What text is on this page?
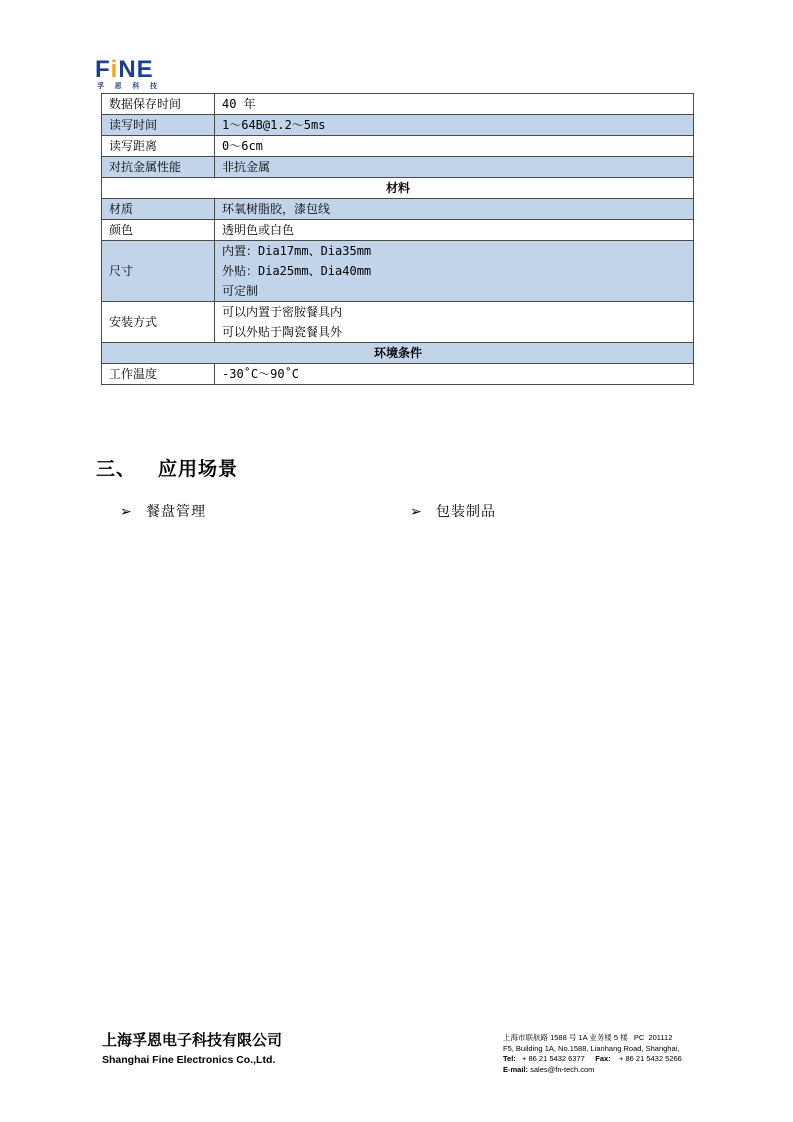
FiNE
孚 恩 科 技
数据保存时间	40 年

读写时间	1～64B@1.2～5ms

读写距离	0～6cm

对抗金属性能	非抗金属

材料	
材质	环氧树脂胶，漆包线

颜色	透明色或白色

尺寸	内置：Dia17mm、Dia35mm
外贴：Dia25mm、Dia40mm
可定制

安装方式	可以内置于密胺餐具内
可以外贴于陶瓷餐具外

环境条件	
工作温度	-30˚C～90˚C
三、 应用场景
➢ 餐盘管理	➢ 包装制品
上海孚恩电子科技有限公司
Shanghai Fine Electronics Co.,Ltd.
上海市联航路 1588 号 1A 业务楼 5 楼   PC  201112
F5, Building 1A, No.1588, Lianhang Road, Shanghai,
Tel: + 86 21 5432 6377 Fax: + 86 21 5432 5266
E-mail: sales@fn-tech.com
